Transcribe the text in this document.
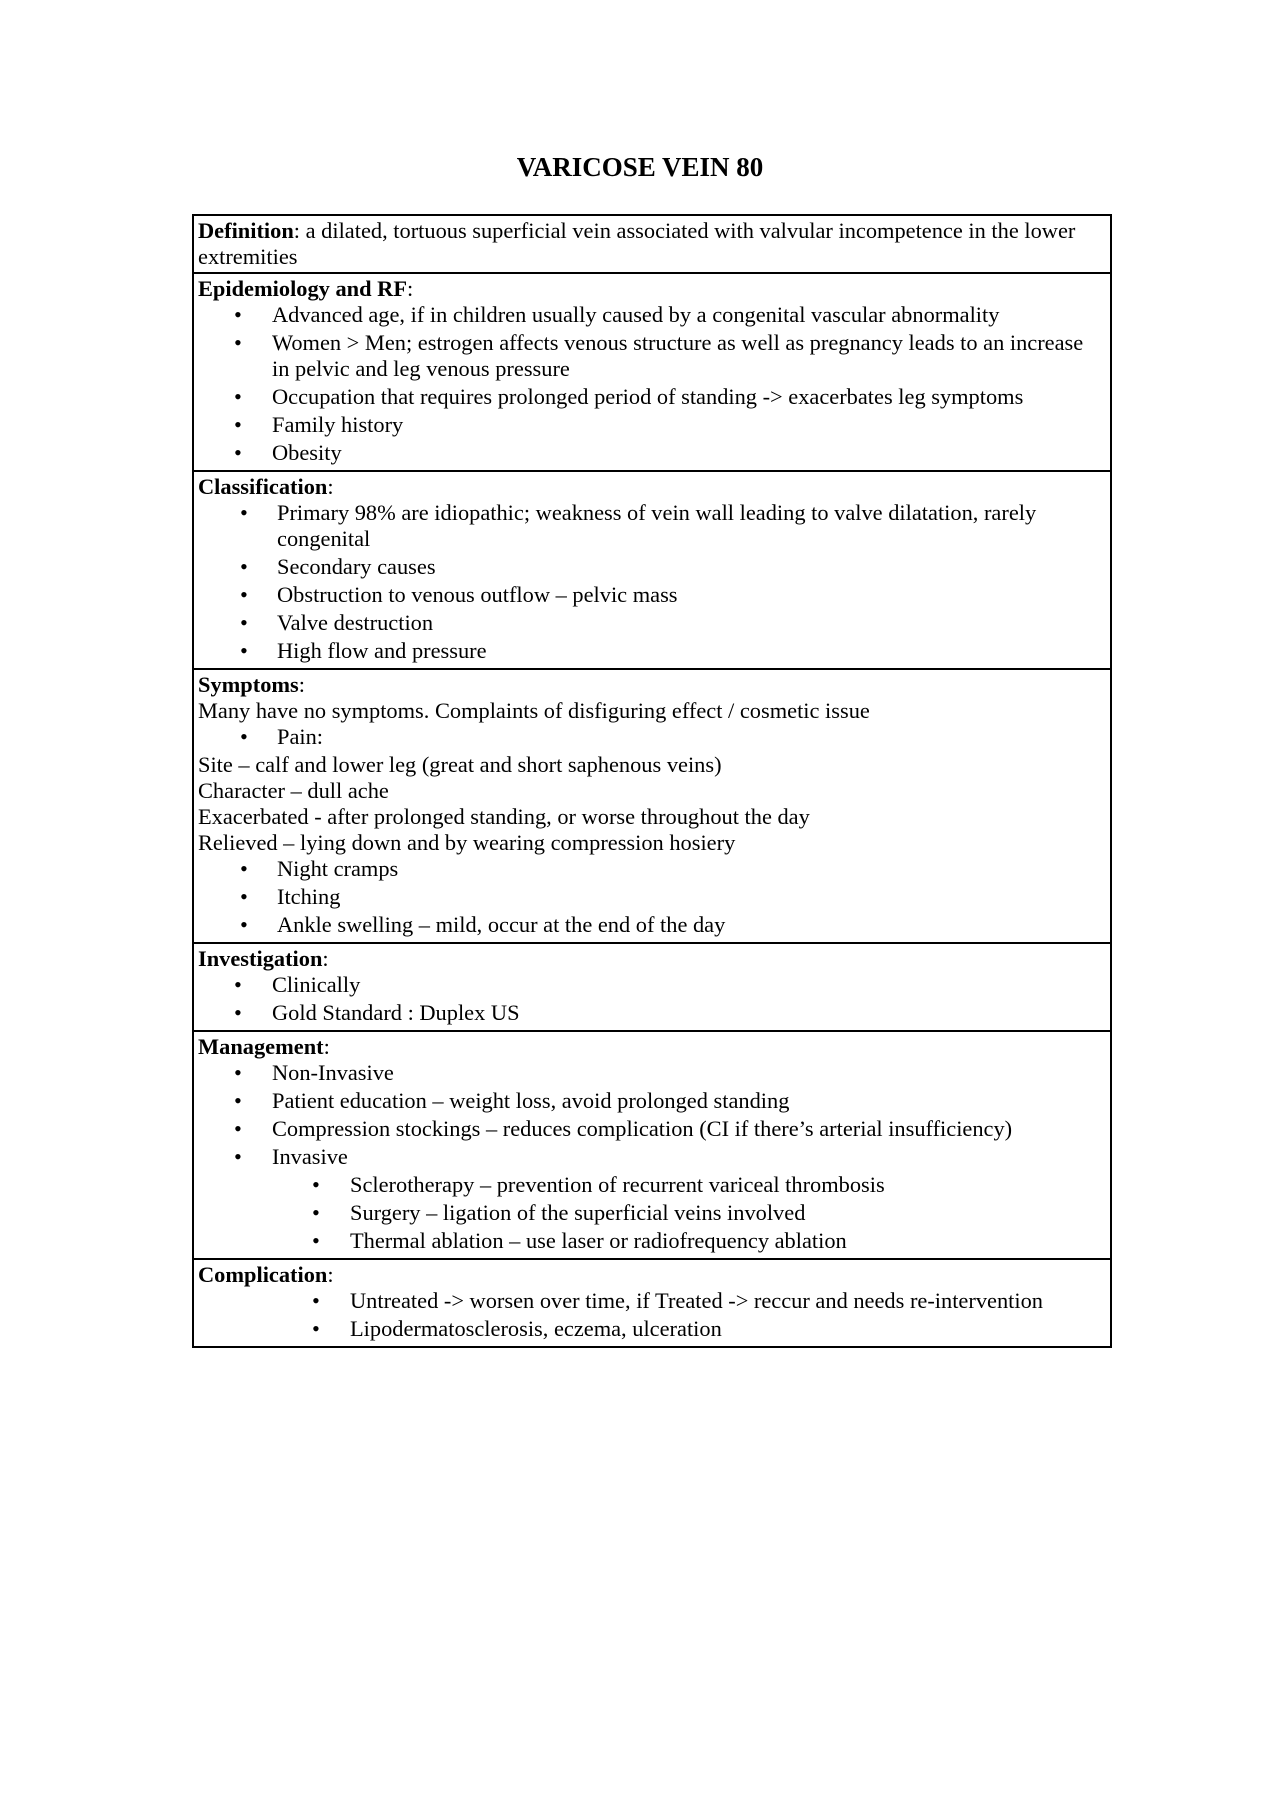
VARICOSE VEIN 80
Definition: a dilated, tortuous superficial vein associated with valvular incompetence in the lower extremities
Epidemiology and RF:
• Advanced age, if in children usually caused by a congenital vascular abnormality
• Women > Men; estrogen affects venous structure as well as pregnancy leads to an increase in pelvic and leg venous pressure
• Occupation that requires prolonged period of standing -> exacerbates leg symptoms
• Family history
• Obesity
Classification:
• Primary 98% are idiopathic; weakness of vein wall leading to valve dilatation, rarely congenital
• Secondary causes
• Obstruction to venous outflow – pelvic mass
• Valve destruction
• High flow and pressure
Symptoms:
Many have no symptoms. Complaints of disfiguring effect / cosmetic issue
• Pain:
Site – calf and lower leg (great and short saphenous veins)
Character – dull ache
Exacerbated - after prolonged standing, or worse throughout the day
Relieved – lying down and by wearing compression hosiery
• Night cramps
• Itching
• Ankle swelling – mild, occur at the end of the day
Investigation:
• Clinically
• Gold Standard : Duplex US
Management:
• Non-Invasive
• Patient education – weight loss, avoid prolonged standing
• Compression stockings – reduces complication (CI if there’s arterial insufficiency)
• Invasive
• Sclerotherapy – prevention of recurrent variceal thrombosis
• Surgery – ligation of the superficial veins involved
• Thermal ablation – use laser or radiofrequency ablation
Complication:
• Untreated -> worsen over time, if Treated -> reccur and needs re-intervention
• Lipodermatosclerosis, eczema, ulceration
